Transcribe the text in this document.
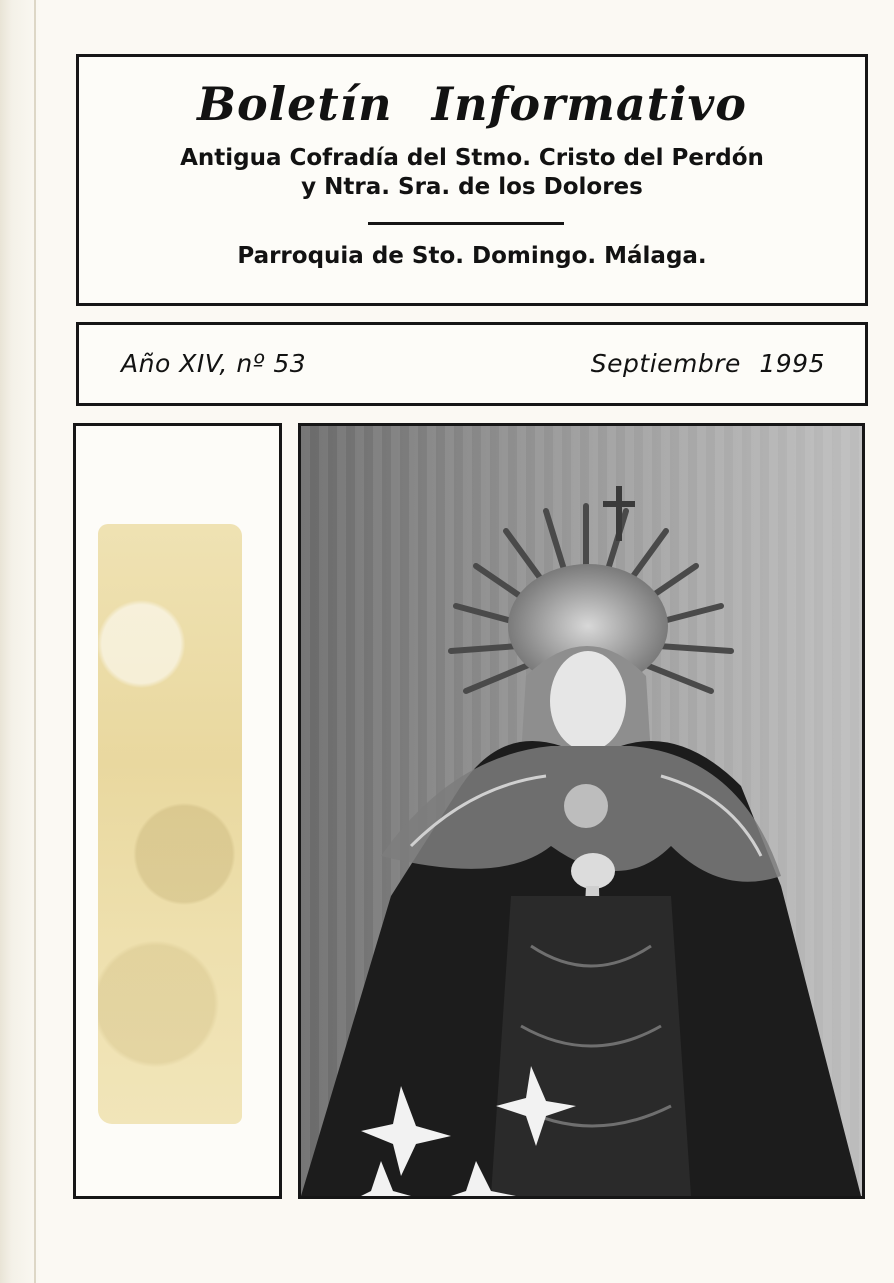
Boletín Informativo
Antigua Cofradía del Stmo. Cristo del Perdón
y Ntra. Sra. de los Dolores
Parroquia de Sto. Domingo. Málaga.
Año XIV, nº 53	Septiembre 1995
